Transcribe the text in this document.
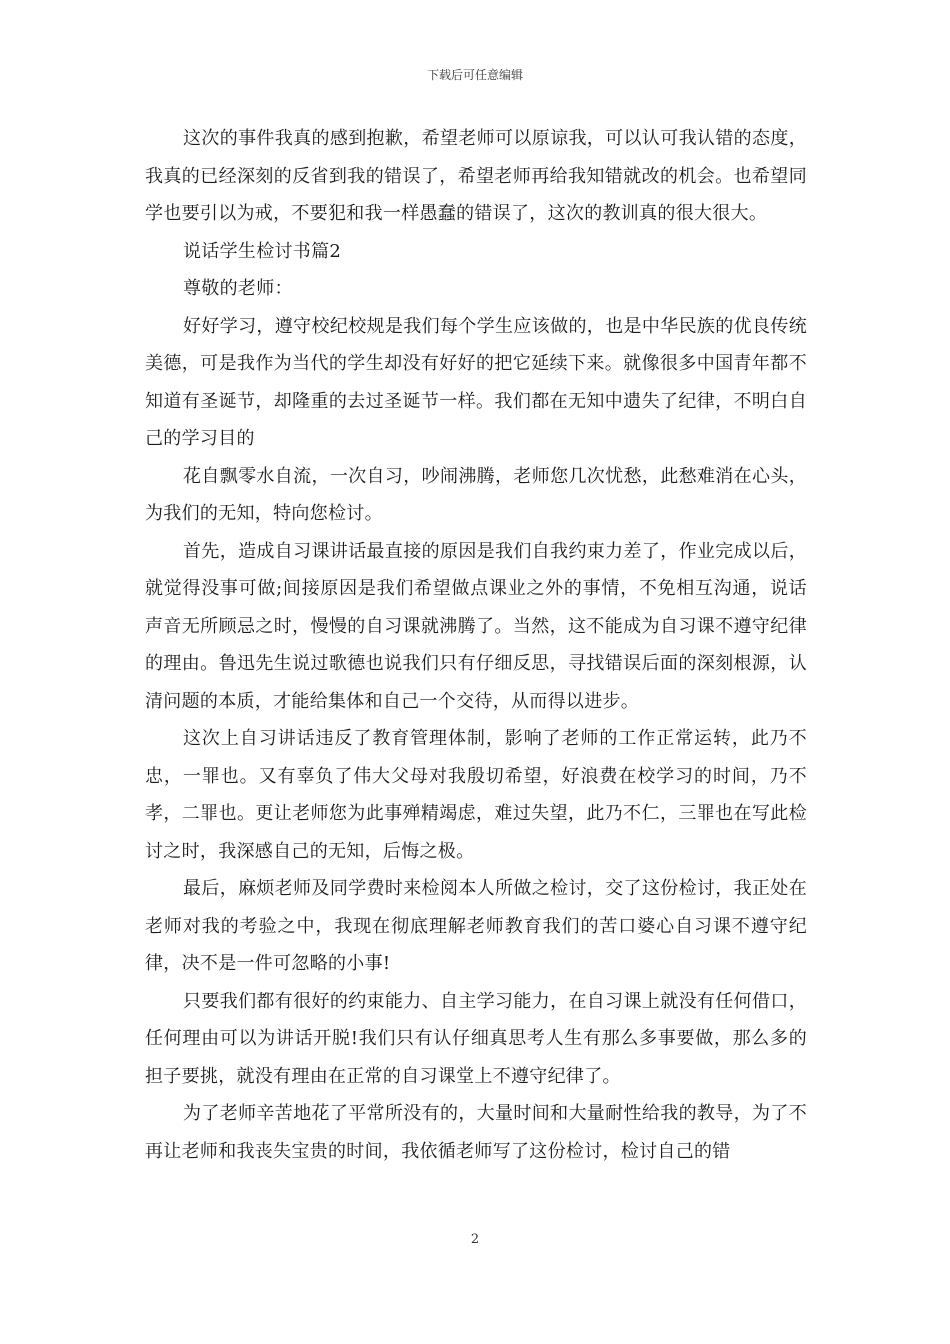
下载后可任意编辑

这次的事件我真的感到抱歉，希望老师可以原谅我，可以认可我认错的态度，我真的已经深刻的反省到我的错误了，希望老师再给我知错就改的机会。也希望同学也要引以为戒，不要犯和我一样愚蠢的错误了，这次的教训真的很大很大。

说话学生检讨书篇2

尊敬的老师：

好好学习，遵守校纪校规是我们每个学生应该做的，也是中华民族的优良传统美德，可是我作为当代的学生却没有好好的把它延续下来。就像很多中国青年都不知道有圣诞节，却隆重的去过圣诞节一样。我们都在无知中遗失了纪律，不明白自己的学习目的

花自飘零水自流，一次自习，吵闹沸腾，老师您几次忧愁，此愁难消在心头，为我们的无知，特向您检讨。

首先，造成自习课讲话最直接的原因是我们自我约束力差了，作业完成以后，就觉得没事可做;间接原因是我们希望做点课业之外的事情，不免相互沟通，说话声音无所顾忌之时，慢慢的自习课就沸腾了。当然，这不能成为自习课不遵守纪律的理由。鲁迅先生说过歌德也说我们只有仔细反思，寻找错误后面的深刻根源，认清问题的本质，才能给集体和自己一个交待，从而得以进步。

这次上自习讲话违反了教育管理体制，影响了老师的工作正常运转，此乃不忠，一罪也。又有辜负了伟大父母对我殷切希望，好浪费在校学习的时间，乃不孝，二罪也。更让老师您为此事殚精竭虑，难过失望，此乃不仁，三罪也在写此检讨之时，我深感自己的无知，后悔之极。

最后，麻烦老师及同学费时来检阅本人所做之检讨，交了这份检讨，我正处在老师对我的考验之中，我现在彻底理解老师教育我们的苦口婆心自习课不遵守纪律，决不是一件可忽略的小事!

只要我们都有很好的约束能力、自主学习能力，在自习课上就没有任何借口，任何理由可以为讲话开脱!我们只有认仔细真思考人生有那么多事要做，那么多的担子要挑，就没有理由在正常的自习课堂上不遵守纪律了。

为了老师辛苦地花了平常所没有的，大量时间和大量耐性给我的教导，为了不再让老师和我丧失宝贵的时间，我依循老师写了这份检讨，检讨自己的错

2
